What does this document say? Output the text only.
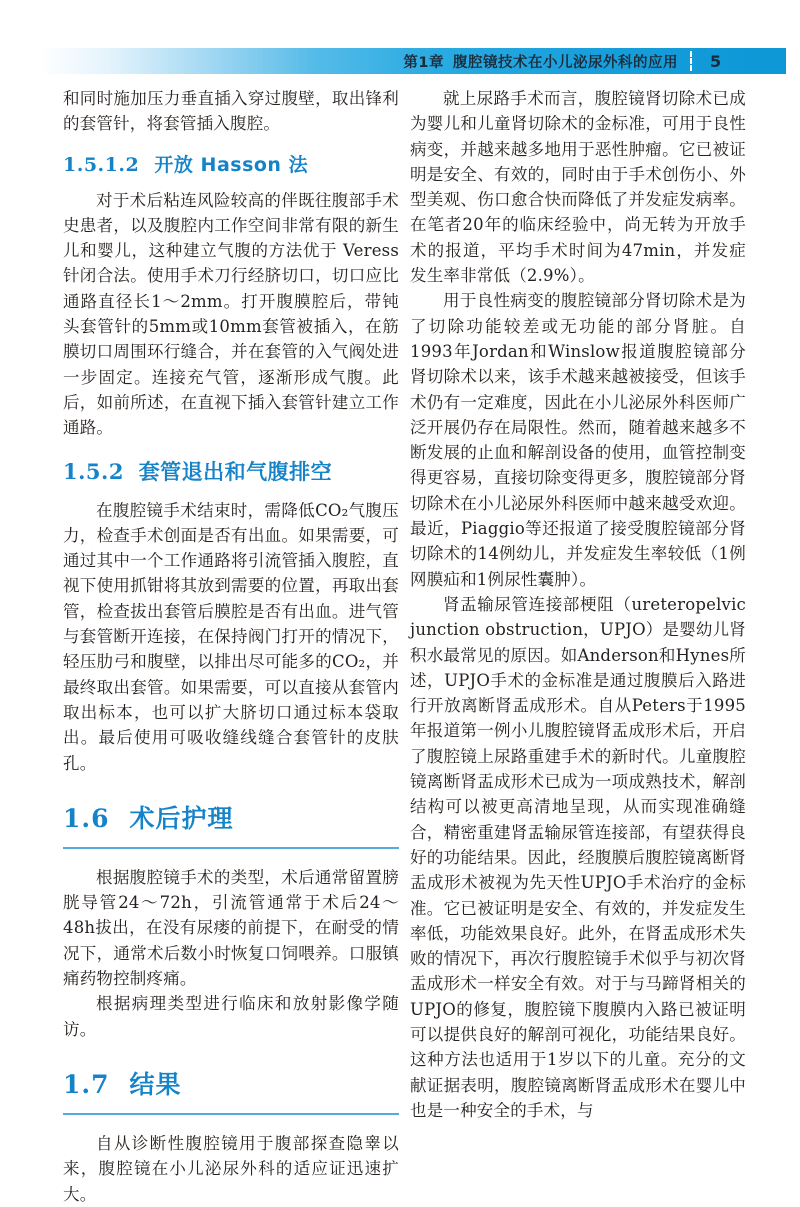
第1章 腹腔镜技术在小儿泌尿外科的应用 5

和同时施加压力垂直插入穿过腹壁，取出锋利的套管针，将套管插入腹腔。

1.5.1.2 开放 Hasson 法

对于术后粘连风险较高的伴既往腹部手术史患者，以及腹腔内工作空间非常有限的新生儿和婴儿，这种建立气腹的方法优于 Veress 针闭合法。使用手术刀行经脐切口，切口应比通路直径长1～2mm。打开腹膜腔后，带钝头套管针的5mm或10mm套管被插入，在筋膜切口周围环行缝合，并在套管的入气阀处进一步固定。连接充气管，逐渐形成气腹。此后，如前所述，在直视下插入套管针建立工作通路。

1.5.2 套管退出和气腹排空

在腹腔镜手术结束时，需降低CO₂气腹压力，检查手术创面是否有出血。如果需要，可通过其中一个工作通路将引流管插入腹腔，直视下使用抓钳将其放到需要的位置，再取出套管，检查拔出套管后膜腔是否有出血。进气管与套管断开连接，在保持阀门打开的情况下，轻压肋弓和腹壁，以排出尽可能多的CO₂，并最终取出套管。如果需要，可以直接从套管内取出标本，也可以扩大脐切口通过标本袋取出。最后使用可吸收缝线缝合套管针的皮肤孔。

1.6 术后护理

根据腹腔镜手术的类型，术后通常留置膀胱导管24～72h，引流管通常于术后24～48h拔出，在没有尿瘘的前提下，在耐受的情况下，通常术后数小时恢复口饲喂养。口服镇痛药物控制疼痛。

根据病理类型进行临床和放射影像学随访。

1.7 结果

自从诊断性腹腔镜用于腹部探查隐睾以来，腹腔镜在小儿泌尿外科的适应证迅速扩大。

就上尿路手术而言，腹腔镜肾切除术已成为婴儿和儿童肾切除术的金标准，可用于良性病变，并越来越多地用于恶性肿瘤。它已被证明是安全、有效的，同时由于手术创伤小、外型美观、伤口愈合快而降低了并发症发病率。在笔者20年的临床经验中，尚无转为开放手术的报道，平均手术时间为47min，并发症发生率非常低（2.9%）。

用于良性病变的腹腔镜部分肾切除术是为了切除功能较差或无功能的部分肾脏。自1993年Jordan和Winslow报道腹腔镜部分肾切除术以来，该手术越来越被接受，但该手术仍有一定难度，因此在小儿泌尿外科医师广泛开展仍存在局限性。然而，随着越来越多不断发展的止血和解剖设备的使用，血管控制变得更容易，直接切除变得更多，腹腔镜部分肾切除术在小儿泌尿外科医师中越来越受欢迎。最近，Piaggio等还报道了接受腹腔镜部分肾切除术的14例幼儿，并发症发生率较低（1例网膜疝和1例尿性囊肿）。

肾盂输尿管连接部梗阻（ureteropelvic junction obstruction，UPJO）是婴幼儿肾积水最常见的原因。如Anderson和Hynes所述，UPJO手术的金标准是通过腹膜后入路进行开放离断肾盂成形术。自从Peters于1995年报道第一例小儿腹腔镜肾盂成形术后，开启了腹腔镜上尿路重建手术的新时代。儿童腹腔镜离断肾盂成形术已成为一项成熟技术，解剖结构可以被更高清地呈现，从而实现准确缝合，精密重建肾盂输尿管连接部，有望获得良好的功能结果。因此，经腹膜后腹腔镜离断肾盂成形术被视为先天性UPJO手术治疗的金标准。它已被证明是安全、有效的，并发症发生率低，功能效果良好。此外，在肾盂成形术失败的情况下，再次行腹腔镜手术似乎与初次肾盂成形术一样安全有效。对于与马蹄肾相关的UPJO的修复，腹腔镜下腹膜内入路已被证明可以提供良好的解剖可视化，功能结果良好。这种方法也适用于1岁以下的儿童。充分的文献证据表明，腹腔镜离断肾盂成形术在婴儿中也是一种安全的手术，与
